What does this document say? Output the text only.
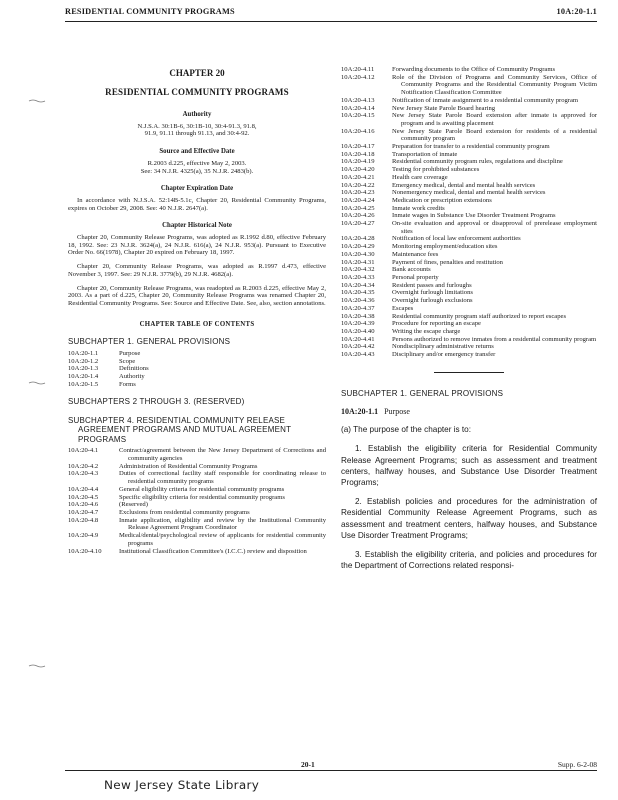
RESIDENTIAL COMMUNITY PROGRAMS	10A:20-1.1
CHAPTER 20
RESIDENTIAL COMMUNITY PROGRAMS
Authority
N.J.S.A. 30:1B-6, 30:1B-10, 30:4-91.3, 91.8,
91.9, 91.11 through 91.13, and 30:4-92.
Source and Effective Date
R.2003 d.225, effective May 2, 2003.
See: 34 N.J.R. 4325(a), 35 N.J.R. 2483(b).
Chapter Expiration Date

In accordance with N.J.S.A. 52:14B-5.1c, Chapter 20, Residential Community Programs, expires on October 29, 2008. See: 40 N.J.R. 2647(a).

Chapter Historical Note

Chapter 20, Community Release Programs, was adopted as R.1992 d.80, effective February 18, 1992. See: 23 N.J.R. 3624(a), 24 N.J.R. 616(a), 24 N.J.R. 953(a). Pursuant to Executive Order No. 66(1978), Chapter 20 expired on February 18, 1997.

Chapter 20, Community Release Programs, was adopted as R.1997 d.473, effective November 3, 1997. See: 29 N.J.R. 3779(b), 29 N.J.R. 4682(a).

Chapter 20, Community Release Programs, was readopted as R.2003 d.225, effective May 2, 2003. As a part of d.225, Chapter 20, Community Release Programs was renamed Chapter 20, Residential Community Programs. See: Source and Effective Date. See, also, section annotations.

CHAPTER TABLE OF CONTENTS
SUBCHAPTER 1. GENERAL PROVISIONS
10A:20-1.1	Purpose
10A:20-1.2	Scope
10A:20-1.3	Definitions
10A:20-1.4	Authority
10A:20-1.5	Forms
SUBCHAPTERS 2 THROUGH 3. (RESERVED)
SUBCHAPTER 4. RESIDENTIAL COMMUNITY RELEASE AGREEMENT PROGRAMS AND MUTUAL AGREEMENT PROGRAMS
10A:20-4.1	Contract/agreement between the New Jersey Department of Corrections and community agencies
10A:20-4.2	Administration of Residential Community Programs
10A:20-4.3	Duties of correctional facility staff responsible for coordinating release to residential community programs
10A:20-4.4	General eligibility criteria for residential community programs
10A:20-4.5	Specific eligibility criteria for residential community programs
10A:20-4.6	(Reserved)
10A:20-4.7	Exclusions from residential community programs
10A:20-4.8	Inmate application, eligibility and review by the Institutional Community Release Agreement Program Coordinator
10A:20-4.9	Medical/dental/psychological review of applicants for residential community programs
10A:20-4.10	Institutional Classification Committee's (I.C.C.) review and disposition
10A:20-4.11	Forwarding documents to the Office of Community Programs
10A:20-4.12	Role of the Division of Programs and Community Services, Office of Community Programs and the Residential Community Program Victim Notification Classification Committee
10A:20-4.13	Notification of inmate assignment to a residential community program
10A:20-4.14	New Jersey State Parole Board hearing
10A:20-4.15	New Jersey State Parole Board extension after inmate is approved for program and is awaiting placement
10A:20-4.16	New Jersey State Parole Board extension for residents of a residential community program
10A:20-4.17	Preparation for transfer to a residential community program
10A:20-4.18	Transportation of inmate
10A:20-4.19	Residential community program rules, regulations and discipline
10A:20-4.20	Testing for prohibited substances
10A:20-4.21	Health care coverage
10A:20-4.22	Emergency medical, dental and mental health services
10A:20-4.23	Nonemergency medical, dental and mental health services
10A:20-4.24	Medication or prescription extensions
10A:20-4.25	Inmate work credits
10A:20-4.26	Inmate wages in Substance Use Disorder Treatment Programs
10A:20-4.27	On-site evaluation and approval or disapproval of prerelease employment sites
10A:20-4.28	Notification of local law enforcement authorities
10A:20-4.29	Monitoring employment/education sites
10A:20-4.30	Maintenance fees
10A:20-4.31	Payment of fines, penalties and restitution
10A:20-4.32	Bank accounts
10A:20-4.33	Personal property
10A:20-4.34	Resident passes and furloughs
10A:20-4.35	Overnight furlough limitations
10A:20-4.36	Overnight furlough exclusions
10A:20-4.37	Escapes
10A:20-4.38	Residential community program staff authorized to report escapes
10A:20-4.39	Procedure for reporting an escape
10A:20-4.40	Writing the escape charge
10A:20-4.41	Persons authorized to remove inmates from a residential community program
10A:20-4.42	Nondisciplinary administrative returns
10A:20-4.43	Disciplinary and/or emergency transfer
SUBCHAPTER 1. GENERAL PROVISIONS
10A:20-1.1 Purpose

(a) The purpose of the chapter is to:

1. Establish the eligibility criteria for Residential Community Release Agreement Programs; such as assessment and treatment centers, halfway houses, and Substance Use Disorder Treatment Programs;

2. Establish policies and procedures for the administration of Residential Community Release Agreement Programs, such as assessment and treatment centers, halfway houses, and Substance Use Disorder Treatment Programs;

3. Establish the eligibility criteria, and policies and procedures for the Department of Corrections related responsi-

20-1	Supp. 6-2-08
New Jersey State Library
